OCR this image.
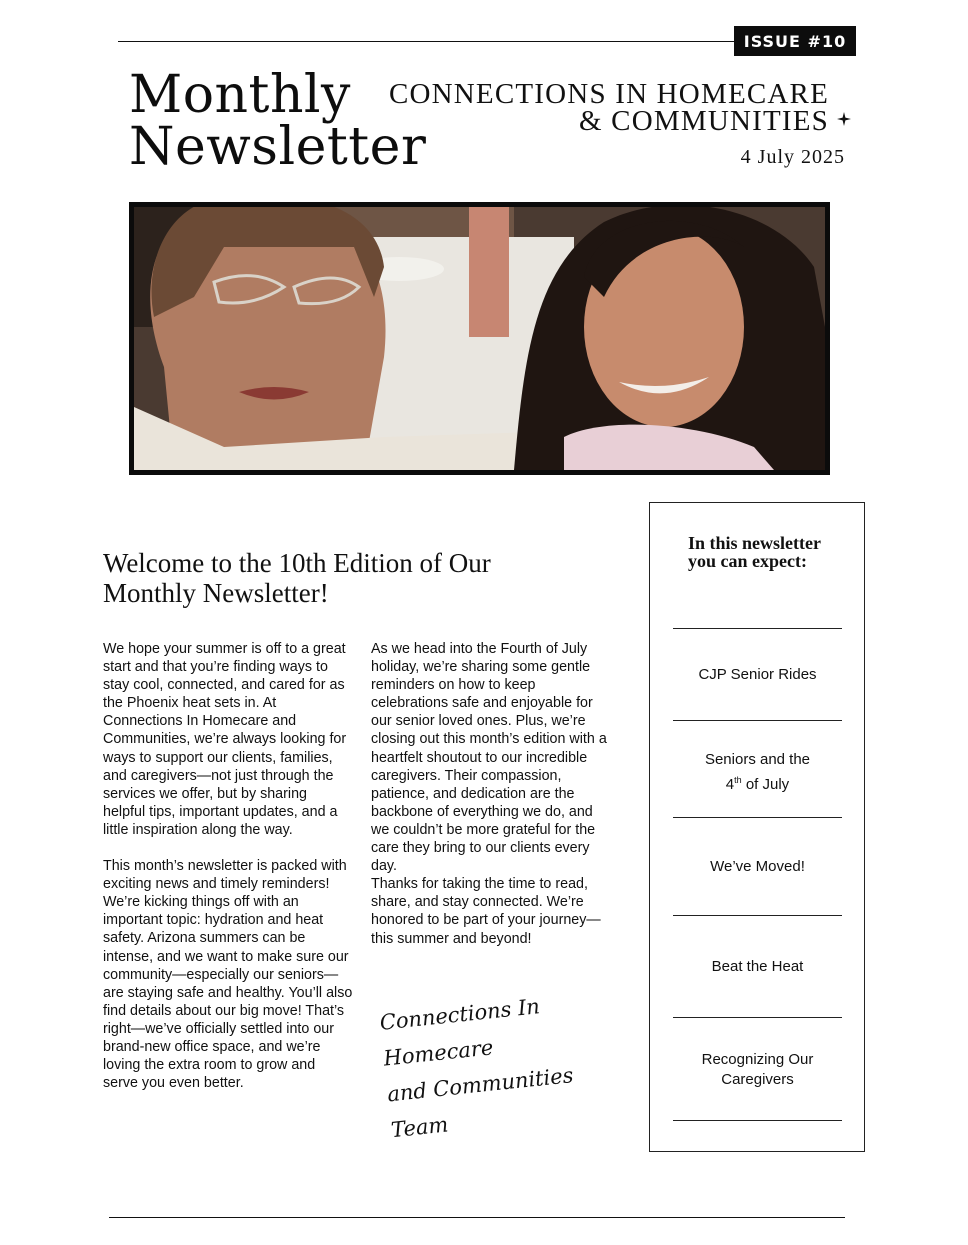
ISSUE #10
Monthly
Newsletter
CONNECTIONS IN HOMECARE
& COMMUNITIES
4 July 2025
Welcome to the 10th Edition of Our
Monthly Newsletter!

We hope your summer is off to a great start and that you’re finding ways to stay cool, connected, and cared for as the Phoenix heat sets in. At Connections In Homecare and Communities, we’re always looking for ways to support our clients, families, and caregivers—not just through the services we offer, but by sharing helpful tips, important updates, and a little inspiration along the way.

This month’s newsletter is packed with exciting news and timely reminders! We’re kicking things off with an important topic: hydration and heat safety. Arizona summers can be intense, and we want to make sure our community—especially our seniors—are staying safe and healthy. You’ll also find details about our big move! That’s right—we’ve officially settled into our brand-new office space, and we’re loving the extra room to grow and serve you even better.

As we head into the Fourth of July holiday, we’re sharing some gentle reminders on how to keep celebrations safe and enjoyable for our senior loved ones. Plus, we’re closing out this month’s edition with a heartfelt shoutout to our incredible caregivers. Their compassion, patience, and dedication are the backbone of everything we do, and we couldn’t be more grateful for the care they bring to our clients every day.

Thanks for taking the time to read, share, and stay connected. We’re honored to be part of your journey—this summer and beyond!

Connections In Homecare
and Communities Team
In this newsletter
you can expect:
CJP Senior Rides
Seniors and the
4th of July
We’ve Moved!
Beat the Heat
Recognizing Our
Caregivers
